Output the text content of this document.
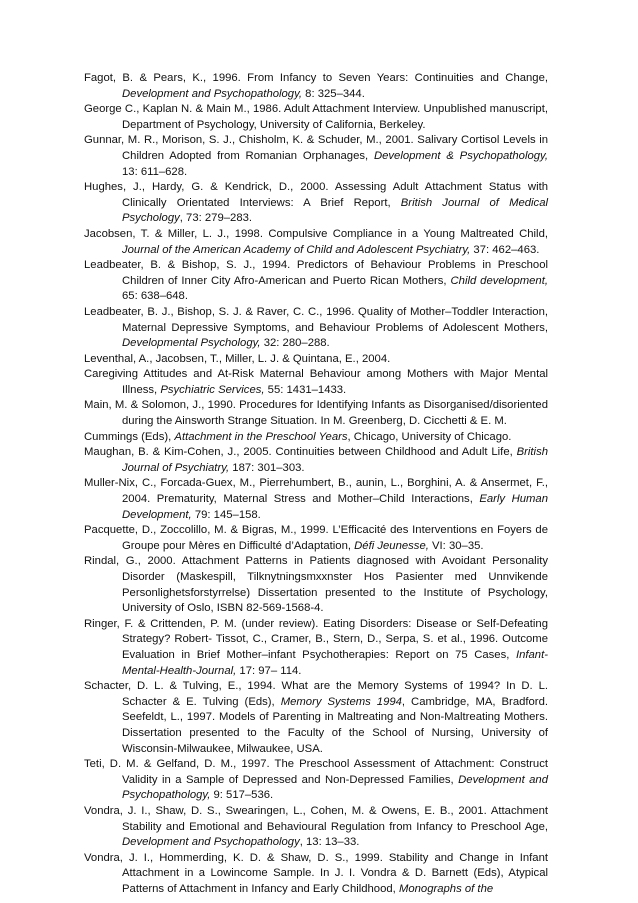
Fagot, B. & Pears, K., 1996. From Infancy to Seven Years: Continuities and Change, Development and Psychopathology, 8: 325–344.

George C., Kaplan N. & Main M., 1986. Adult Attachment Interview. Unpublished manuscript, Department of Psychology, University of California, Berkeley.

Gunnar, M. R., Morison, S. J., Chisholm, K. & Schuder, M., 2001. Salivary Cortisol Levels in Children Adopted from Romanian Orphanages, Development & Psychopathology, 13: 611–628.

Hughes, J., Hardy, G. & Kendrick, D., 2000. Assessing Adult Attachment Status with Clinically Orientated Interviews: A Brief Report, British Journal of Medical Psychology, 73: 279–283.

Jacobsen, T. & Miller, L. J., 1998. Compulsive Compliance in a Young Maltreated Child, Journal of the American Academy of Child and Adolescent Psychiatry, 37: 462–463.

Leadbeater, B. & Bishop, S. J., 1994. Predictors of Behaviour Problems in Preschool Children of Inner City Afro-American and Puerto Rican Mothers, Child development, 65: 638–648.

Leadbeater, B. J., Bishop, S. J. & Raver, C. C., 1996. Quality of Mother–Toddler Interaction, Maternal Depressive Symptoms, and Behaviour Problems of Adolescent Mothers, Developmental Psychology, 32: 280–288.

Leventhal, A., Jacobsen, T., Miller, L. J. & Quintana, E., 2004.

Caregiving Attitudes and At-Risk Maternal Behaviour among Mothers with Major Mental Illness, Psychiatric Services, 55: 1431–1433.

Main, M. & Solomon, J., 1990. Procedures for Identifying Infants as Disorganised/disoriented during the Ainsworth Strange Situation. In M. Greenberg, D. Cicchetti & E. M.

Cummings (Eds), Attachment in the Preschool Years, Chicago, University of Chicago.

Maughan, B. & Kim-Cohen, J., 2005. Continuities between Childhood and Adult Life, British Journal of Psychiatry, 187: 301–303.

Muller-Nix, C., Forcada-Guex, M., Pierrehumbert, B., aunin, L., Borghini, A. & Ansermet, F., 2004. Prematurity, Maternal Stress and Mother–Child Interactions, Early Human Development, 79: 145–158.

Pacquette, D., Zoccolillo, M. & Bigras, M., 1999. L’Efficacité des Interventions en Foyers de Groupe pour Mères en Difficulté d’Adaptation, Défi Jeunesse, VI: 30–35.

Rindal, G., 2000. Attachment Patterns in Patients diagnosed with Avoidant Personality Disorder (Maskespill, Tilknytningsmxxnster Hos Pasienter med Unnvikende Personlighetsforstyrrelse) Dissertation presented to the Institute of Psychology, University of Oslo, ISBN 82-569-1568-4.

Ringer, F. & Crittenden, P. M. (under review). Eating Disorders: Disease or Self-Defeating Strategy? Robert- Tissot, C., Cramer, B., Stern, D., Serpa, S. et al., 1996. Outcome Evaluation in Brief Mother–infant Psychotherapies: Report on 75 Cases, Infant-Mental-Health-Journal, 17: 97– 114.

Schacter, D. L. & Tulving, E., 1994. What are the Memory Systems of 1994? In D. L. Schacter & E. Tulving (Eds), Memory Systems 1994, Cambridge, MA, Bradford. Seefeldt, L., 1997. Models of Parenting in Maltreating and Non-Maltreating Mothers. Dissertation presented to the Faculty of the School of Nursing, University of Wisconsin-Milwaukee, Milwaukee, USA.

Teti, D. M. & Gelfand, D. M., 1997. The Preschool Assessment of Attachment: Construct Validity in a Sample of Depressed and Non-Depressed Families, Development and Psychopathology, 9: 517–536.

Vondra, J. I., Shaw, D. S., Swearingen, L., Cohen, M. & Owens, E. B., 2001. Attachment Stability and Emotional and Behavioural Regulation from Infancy to Preschool Age, Development and Psychopathology, 13: 13–33.

Vondra, J. I., Hommerding, K. D. & Shaw, D. S., 1999. Stability and Change in Infant Attachment in a Lowincome Sample. In J. I. Vondra & D. Barnett (Eds), Atypical Patterns of Attachment in Infancy and Early Childhood, Monographs of the
